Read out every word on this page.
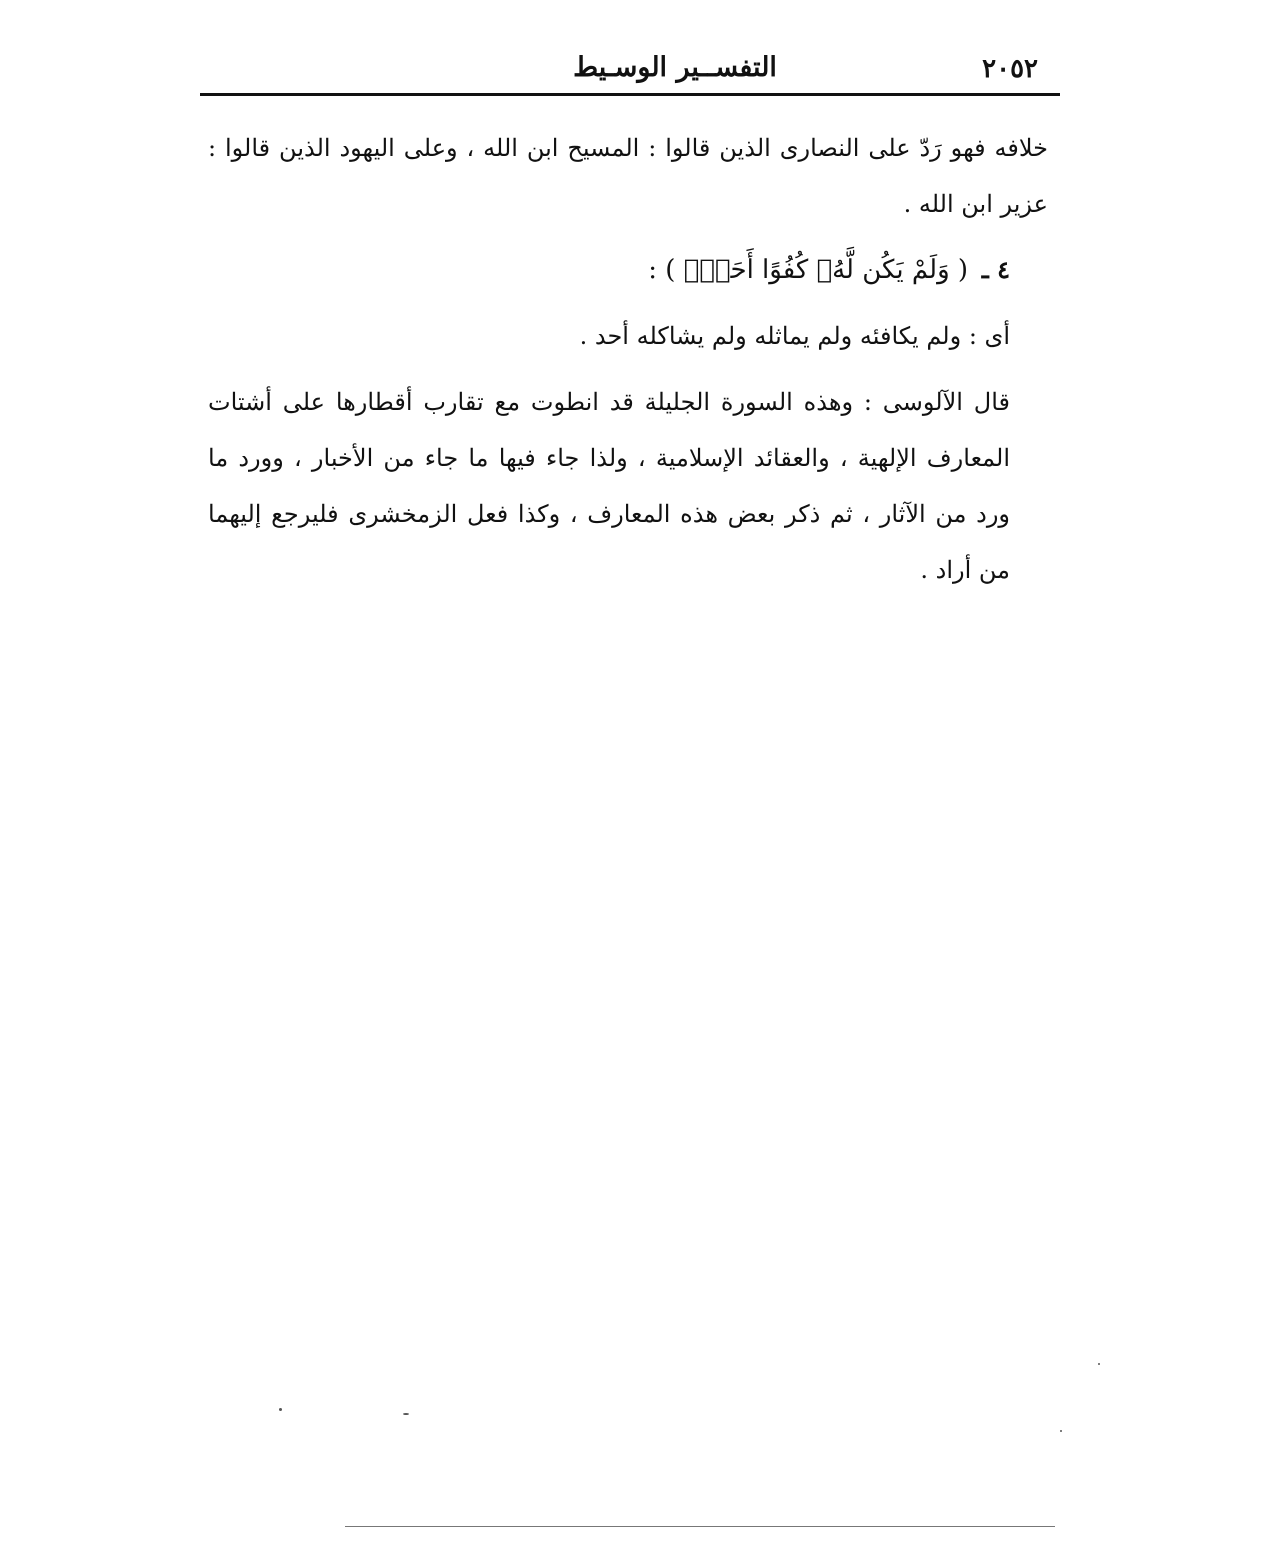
٢٠٥٢
التفســير الوسـيط

خلافه فهو رَدّ على النصارى الذين قالوا : المسيح ابن الله ، وعلى اليهود الذين قالوا : عزير ابن الله .

٤ ـ ( وَلَمْ يَكُن لَّهُۥ كُفُوًا أَحَدٌۢ ) :

أى : ولم يكافئه ولم يماثله ولم يشاكله أحد .

قال الآلوسى : وهذه السورة الجليلة قد انطوت مع تقارب أقطارها على أشتات المعارف الإلهية ، والعقائد الإسلامية ، ولذا جاء فيها ما جاء من الأخبار ، وورد ما ورد من الآثار ، ثم ذكر بعض هذه المعارف ، وكذا فعل الزمخشرى فليرجع إليهما من أراد .
